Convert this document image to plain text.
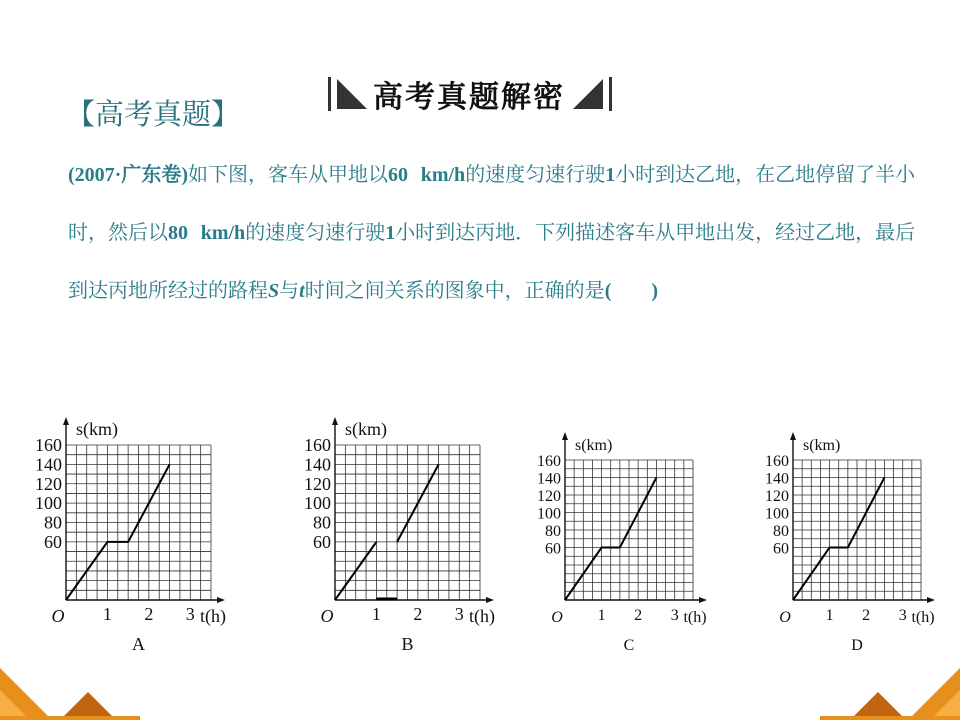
高考真题解密
【高考真题】
(2007·广东卷)如下图，客车从甲地以60 km/h的速度匀速行驶1小时到达乙地，在乙地停留了半小时，然后以80 km/h的速度匀速行驶1小时到达丙地．下列描述客车从甲地出发，经过乙地，最后到达丙地所经过的路程S与t时间之间关系的图象中，正确的是(　　)
s(km)
t(h)
O
60
80
100
120
140
160
1 2 3
A
s(km)
t(h)
O
60
80
100
120
140
160
1 2 3
B
s(km)
t(h)
O
60
80
100
120
140
160
1 2 3
C
s(km)
t(h)
O
60
80
100
120
140
160
1 2 3
D
